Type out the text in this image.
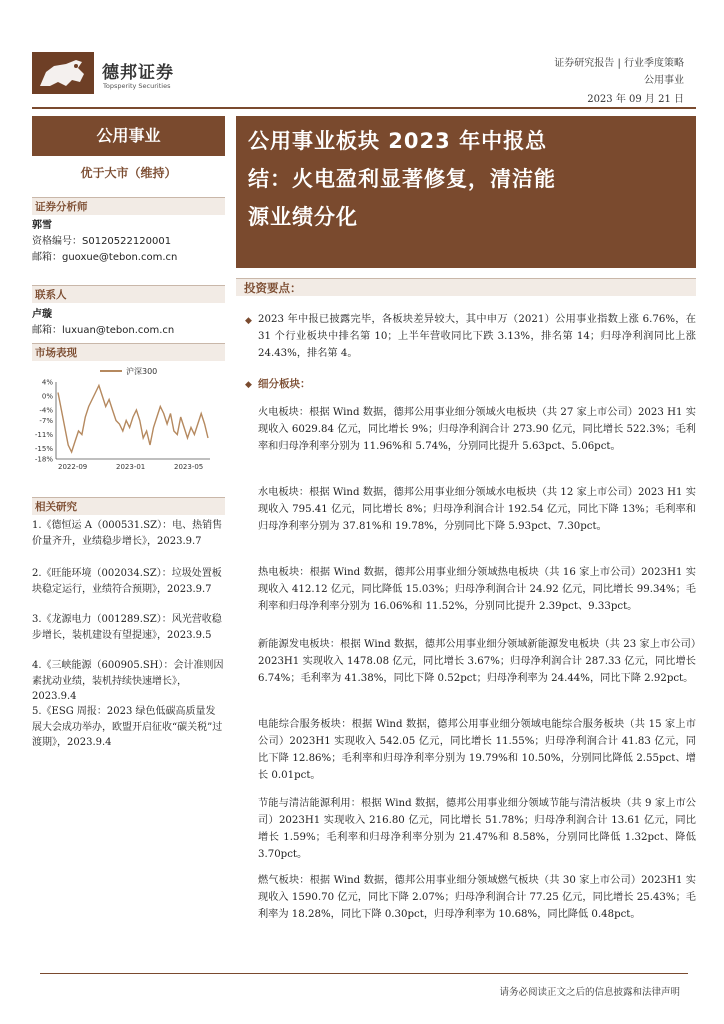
德邦证券
Topsperity Securities
证券研究报告 | 行业季度策略
公用事业
2023 年 09 月 21 日
公用事业
优于大市（维持）
公用事业板块 2023 年中报总
结：火电盈利显著修复，清洁能
源业绩分化
证券分析师
郭雪
资格编号：S0120522120001
邮箱：guoxue@tebon.com.cn
联系人
卢璇
邮箱：luxuan@tebon.com.cn
市场表现
4%
0%
-4%
-7%
-11%
-15%
-18%
2022-09	2023-01	2023-05
沪深300
相关研究
1.《德恒运 A（000531.SZ）：电、热销售价量齐升，业绩稳步增长》，2023.9.7
2.《旺能环境（002034.SZ）：垃圾处置板块稳定运行，业绩符合预期》，2023.9.7
3.《龙源电力（001289.SZ）：风光营收稳步增长，装机建设有望提速》，2023.9.5
4.《三峡能源（600905.SH）：会计准则因素扰动业绩，装机持续快速增长》，2023.9.4
5.《ESG 周报：2023 绿色低碳高质量发展大会成功举办，欧盟开启征收“碳关税”过渡期》，2023.9.4
投资要点：
◆ 2023 年中报已披露完毕，各板块差异较大，其中申万（2021）公用事业指数上涨 6.76%，在 31 个行业板块中排名第 10；上半年营收同比下跌 3.13%，排名第 14；归母净利润同比上涨 24.43%，排名第 4。
◆ 细分板块：
火电板块：根据 Wind 数据，德邦公用事业细分领域火电板块（共 27 家上市公司）2023 H1 实现收入 6029.84 亿元，同比增长 9%；归母净利润合计 273.90 亿元，同比增长 522.3%；毛利率和归母净利率分别为 11.96%和 5.74%，分别同比提升 5.63pct、5.06pct。
水电板块：根据 Wind 数据，德邦公用事业细分领域水电板块（共 12 家上市公司）2023 H1 实现收入 795.41 亿元，同比增长 8%；归母净利润合计 192.54 亿元，同比下降 13%；毛利率和归母净利率分别为 37.81%和 19.78%，分别同比下降 5.93pct、7.30pct。
热电板块：根据 Wind 数据，德邦公用事业细分领域热电板块（共 16 家上市公司）2023H1 实现收入 412.12 亿元，同比降低 15.03%；归母净利润合计 24.92 亿元，同比增长 99.34%；毛利率和归母净利率分别为 16.06%和 11.52%，分别同比提升 2.39pct、9.33pct。
新能源发电板块：根据 Wind 数据，德邦公用事业细分领域新能源发电板块（共 23 家上市公司）2023H1 实现收入 1478.08 亿元，同比增长 3.67%；归母净利润合计 287.33 亿元，同比增长 6.74%；毛利率为 41.38%，同比下降 0.52pct；归母净利率为 24.44%，同比下降 2.92pct。
电能综合服务板块：根据 Wind 数据，德邦公用事业细分领域电能综合服务板块（共 15 家上市公司）2023H1 实现收入 542.05 亿元，同比增长 11.55%；归母净利润合计 41.83 亿元，同比下降 12.86%；毛利率和归母净利率分别为 19.79%和 10.50%，分别同比降低 2.55pct、增长 0.01pct。
节能与清洁能源利用：根据 Wind 数据，德邦公用事业细分领域节能与清洁板块（共 9 家上市公司）2023H1 实现收入 216.80 亿元，同比增长 51.78%；归母净利润合计 13.61 亿元，同比增长 1.59%；毛利率和归母净利率分别为 21.47%和 8.58%，分别同比降低 1.32pct、降低 3.70pct。
燃气板块：根据 Wind 数据，德邦公用事业细分领域燃气板块（共 30 家上市公司）2023H1 实现收入 1590.70 亿元，同比下降 2.07%；归母净利润合计 77.25 亿元，同比增长 25.43%；毛利率为 18.28%，同比下降 0.30pct，归母净利率为 10.68%，同比降低 0.48pct。
请务必阅读正文之后的信息披露和法律声明
